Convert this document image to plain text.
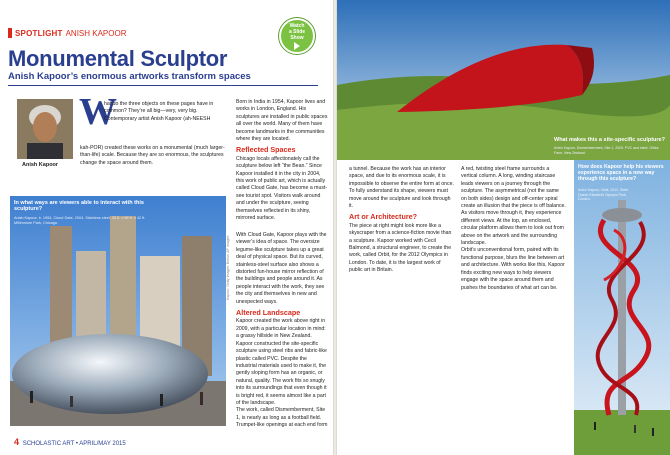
SPOTLIGHT ANISH KAPOOR
Watch
a Slide
Show
Monumental Sculptor
Anish Kapoor’s enormous artworks transform spaces
Anish Kapoor
W
hat do the three objects on these pages have in common? They’re all big—very, very big. Contemporary artist Anish Kapoor (ah-NEESH
kah-POR) created these works on a monumental (much larger-than-life) scale. Because they are so enormous, the sculptures change the space around them.

Born in India in 1954, Kapoor lives and works in London, England. His sculptures are installed in public spaces all over the world. Many of them have become landmarks in the communities where they are located.

Reflected Spaces

Chicago locals affectionately call the sculpture below left “the Bean.” Since Kapoor installed it in the city in 2004, this work of public art, which is actually called Cloud Gate, has become a must-see tourist spot. Visitors walk around and under the sculpture, seeing themselves reflected in its shiny, mirrored surface.

In what ways are viewers able to interact with this sculpture?
Anish Kapoor, b. 1954, Cloud Gate, 2004. Stainless steel, 33 ft. x 66 ft. x 42 ft. Millennium Park, Chicago.

With Cloud Gate, Kapoor plays with the viewer’s idea of space. The oversize legume-like sculpture takes up a great deal of physical space. But its curved, stainless-steel surface also shows a distorted fun-house mirror reflection of the buildings and people around it. As people interact with the work, they see the city and themselves in new and unexpected ways.

Altered Landscape

Kapoor created the work above right in 2009, with a particular location in mind: a grassy hillside in New Zealand. Kapoor constructed the site-specific sculpture using steel ribs and fabric-like plastic called PVC. Despite the industrial materials used to make it, the gently sloping form has an organic, or natural, quality. The work fits so snugly into its surroundings that even though it is bright red, it seems almost like a part of the landscape.

The work, called Dismemberment, Site 1, is nearly as long as a football field. Trumpet-like openings at each end form

Kapoor: Getty Images. Below: AP Images
4 SCHOLASTIC ART • APRIL/MAY 2015
What makes this a site-specific sculpture?
Anish Kapoor, Dismemberment, Site 1, 2009. PVC and steel. Gibbs Farm, New Zealand.

a tunnel. Because the work has an interior space, and due to its enormous scale, it is impossible to observe the entire form at once. To fully understand its shape, viewers must move around the sculpture and look through it.

Art or Architecture?

The piece at right might look more like a skyscraper from a science-fiction movie than a sculpture. Kapoor worked with Cecil Balmond, a structural engineer, to create the work, called Orbit, for the 2012 Olympics in London. To date, it is the largest work of public art in Britain.

A red, twisting steel frame surrounds a vertical column. A long, winding staircase leads viewers on a journey through the sculpture. The asymmetrical (not the same on both sides) design and off-center spiral create an illusion that the piece is off balance. As visitors move through it, they experience different views. At the top, an enclosed, circular platform allows them to look out from above on the artwork and the surrounding landscape.

Orbit’s unconventional form, paired with its functional purpose, blurs the line between art and architecture. With works like this, Kapoor finds exciting new ways to help viewers engage with the space around them and pushes the boundaries of what art can be.

How does Kapoor help his viewers experience space in a new way through this sculpture?
Anish Kapoor, Orbit, 2012. Steel. Queen Elizabeth Olympic Park, London.
